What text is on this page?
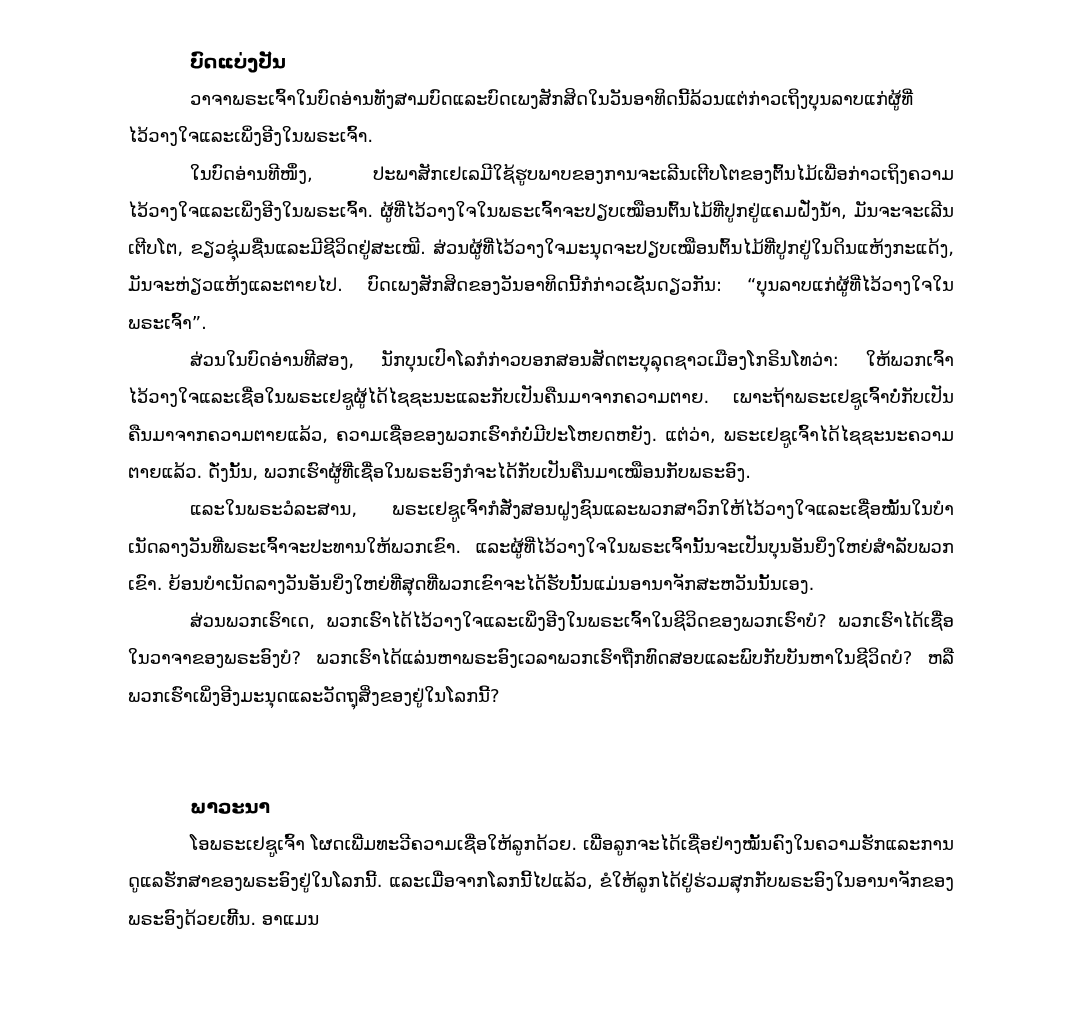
ບົດແບ່ງປັນ

ວາຈາພຣະເຈົ້າໃນບົດອ່ານທັງສາມບົດແລະບົດເພງສັກສິດໃນວັນອາທິດນີ້ລ້ວນແຕ່ກ່າວເຖິງບຸນລາບແກ່ຜູ້ທີ່ໄວ້ວາງໃຈແລະເພິ່ງອີງໃນພຣະເຈົ້າ.

ໃນບົດອ່ານທີໜຶ່ງ, ປະພາສັກເຢເລມີໃຊ້ຮູບພາບຂອງການຈະເລີນເຕີບໂຕຂອງຕົ້ນໄມ້ເພື່ອກ່າວເຖິງຄວາມໄວ້ວາງໃຈແລະເພິ່ງອີງໃນພຣະເຈົ້າ. ຜູ້ທີ່ໄວ້ວາງໃຈໃນພຣະເຈົ້າຈະປຽບເໝືອນຕົ້ນໄມ້ທີ່ປູກຢູ່ແຄມຝັ່ງນໍ້າ, ມັນຈະຈະເລີນເຕີບໂຕ, ຂຽວຊຸ່ມຊື່ນແລະມີຊີວິດຢູ່ສະເໝີ. ສ່ວນຜູ້ທີ່ໄວ້ວາງໃຈມະນຸດຈະປຽບເໝືອນຕົ້ນໄມ້ທີ່ປູກຢູ່ໃນດິນແຫ້ງກະແດ້ງ, ມັນຈະຫ່ຽວແຫ້ງແລະຕາຍໄປ. ບົດເພງສັກສິດຂອງວັນອາທິດນີ້ກໍກ່າວເຊັ່ນດຽວກັນ: “ບຸນລາບແກ່ຜູ້ທີ່ໄວ້ວາງໃຈໃນພຣະເຈົ້າ”.

ສ່ວນໃນບົດອ່ານທີສອງ, ນັກບຸນເປົາໂລກໍກ່າວບອກສອນສັດຕະບຸລຸດຊາວເມືອງໂກຣິນໂທວ່າ: ໃຫ້ພວກເຈົ້າໄວ້ວາງໃຈແລະເຊື່ອໃນພຣະເຢຊູຜູ້ໄດ້ໄຊຊະນະແລະກັບເປັນຄືນມາຈາກຄວາມຕາຍ. ເພາະຖ້າພຣະເຢຊູເຈົ້າບໍ່ກັບເປັນຄືນມາຈາກຄວາມຕາຍແລ້ວ, ຄວາມເຊື່ອຂອງພວກເຮົາກໍບໍ່ມີປະໂຫຍດຫຍັງ. ແຕ່ວ່າ, ພຣະເຢຊູເຈົ້າໄດ້ໄຊຊະນະຄວາມຕາຍແລ້ວ. ດັ່ງນັ້ນ, ພວກເຮົາຜູ້ທີ່ເຊື່ອໃນພຣະອົງກໍຈະໄດ້ກັບເປັນຄືນມາເໝືອນກັບພຣະອົງ.

ແລະໃນພຣະວໍລະສານ, ພຣະເຢຊູເຈົ້າກໍສັ່ງສອນຝູງຊົນແລະພວກສາວົກໃຫ້ໄວ້ວາງໃຈແລະເຊື່ອໝັ້ນໃນບໍາເນັດລາງວັນທີ່ພຣະເຈົ້າຈະປະທານໃຫ້ພວກເຂົາ. ແລະຜູ້ທີ່ໄວ້ວາງໃຈໃນພຣະເຈົ້ານັ້ນຈະເປັນບຸນອັນຍິ່ງໃຫຍ່ສໍາລັບພວກເຂົາ. ຍ້ອນບໍາເນັດລາງວັນອັນຍິ່ງໃຫຍ່ທີ່ສຸດທີ່ພວກເຂົາຈະໄດ້ຮັບນັ້ນແມ່ນອານາຈັກສະຫວັນນັ້ນເອງ.

ສ່ວນພວກເຮົາເດ, ພວກເຮົາໄດ້ໄວ້ວາງໃຈແລະເພິ່ງອີງໃນພຣະເຈົ້າໃນຊີວິດຂອງພວກເຮົາບໍ? ພວກເຮົາໄດ້ເຊື່ອໃນວາຈາຂອງພຣະອົງບໍ? ພວກເຮົາໄດ້ແລ່ນຫາພຣະອົງເວລາພວກເຮົາຖືກທົດສອບແລະພົບກັບບັນຫາໃນຊີວິດບໍ? ຫລືພວກເຮົາເພິ່ງອີງມະນຸດແລະວັດຖຸສິ່ງຂອງຢູ່ໃນໂລກນີ້?

ພາວະນາ

ໂອພຣະເຢຊູເຈົ້າ ໂຜດເພີ່ມທະວີຄວາມເຊື່ອໃຫ້ລູກດ້ວຍ. ເພື່ອລູກຈະໄດ້ເຊື່ອຢ່າງໝັ້ນຄົງໃນຄວາມຮັກແລະການດູແລຮັກສາຂອງພຣະອົງຢູ່ໃນໂລກນີ້. ແລະເມື່ອຈາກໂລກນີ້ໄປແລ້ວ, ຂໍໃຫ້ລູກໄດ້ຢູ່ຮ່ວມສຸກກັບພຣະອົງໃນອານາຈັກຂອງພຣະອົງດ້ວຍເທີ້ນ. ອາແມນ
